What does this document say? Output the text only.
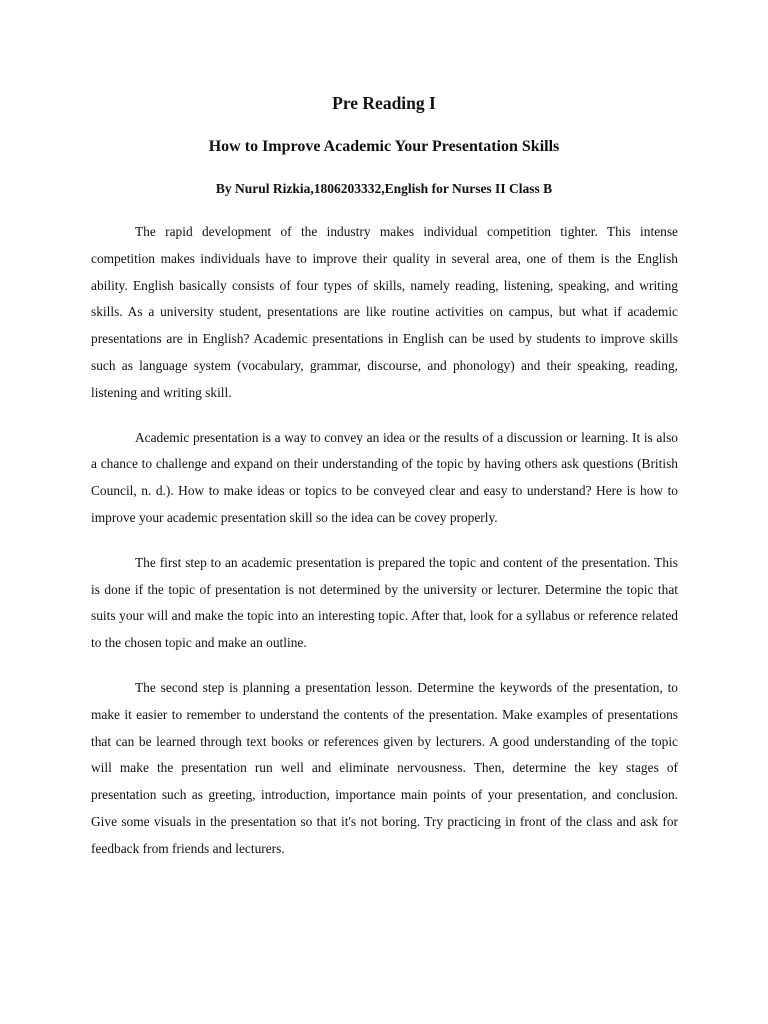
Pre Reading I
How to Improve Academic Your Presentation Skills
By Nurul Rizkia,1806203332,English for Nurses II Class B

The rapid development of the industry makes individual competition tighter. This intense competition makes individuals have to improve their quality in several area, one of them is the English ability. English basically consists of four types of skills, namely reading, listening, speaking, and writing skills. As a university student, presentations are like routine activities on campus, but what if academic presentations are in English? Academic presentations in English can be used by students to improve skills such as language system (vocabulary, grammar, discourse, and phonology) and their speaking, reading, listening and writing skill.

Academic presentation is a way to convey an idea or the results of a discussion or learning. It is also a chance to challenge and expand on their understanding of the topic by having others ask questions (British Council, n. d.). How to make ideas or topics to be conveyed clear and easy to understand? Here is how to improve your academic presentation skill so the idea can be covey properly.

The first step to an academic presentation is prepared the topic and content of the presentation. This is done if the topic of presentation is not determined by the university or lecturer. Determine the topic that suits your will and make the topic into an interesting topic. After that, look for a syllabus or reference related to the chosen topic and make an outline.

The second step is planning a presentation lesson. Determine the keywords of the presentation, to make it easier to remember to understand the contents of the presentation. Make examples of presentations that can be learned through text books or references given by lecturers. A good understanding of the topic will make the presentation run well and eliminate nervousness. Then, determine the key stages of presentation such as greeting, introduction, importance main points of your presentation, and conclusion. Give some visuals in the presentation so that it's not boring. Try practicing in front of the class and ask for feedback from friends and lecturers.
